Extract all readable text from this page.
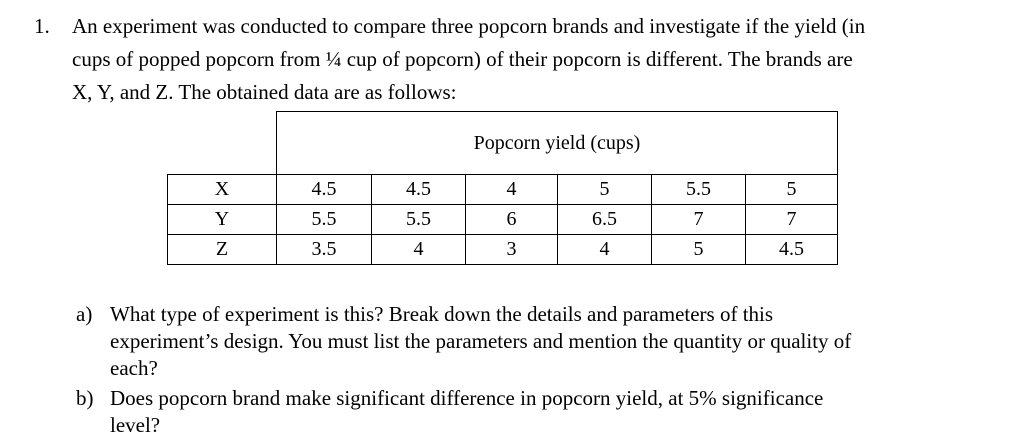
1. An experiment was conducted to compare three popcorn brands and investigate if the yield (in
cups of popped popcorn from ¼ cup of popcorn) of their popcorn is different. The brands are
X, Y, and Z. The obtained data are as follows:
	Popcorn yield (cups)					
X	4.5	4.5	4	5	5.5	5
Y	5.5	5.5	6	6.5	7	7
Z	3.5	4	3	4	5	4.5
a) What type of experiment is this? Break down the details and parameters of this
experiment’s design. You must list the parameters and mention the quantity or quality of
each?
b) Does popcorn brand make significant difference in popcorn yield, at 5% significance
level?
